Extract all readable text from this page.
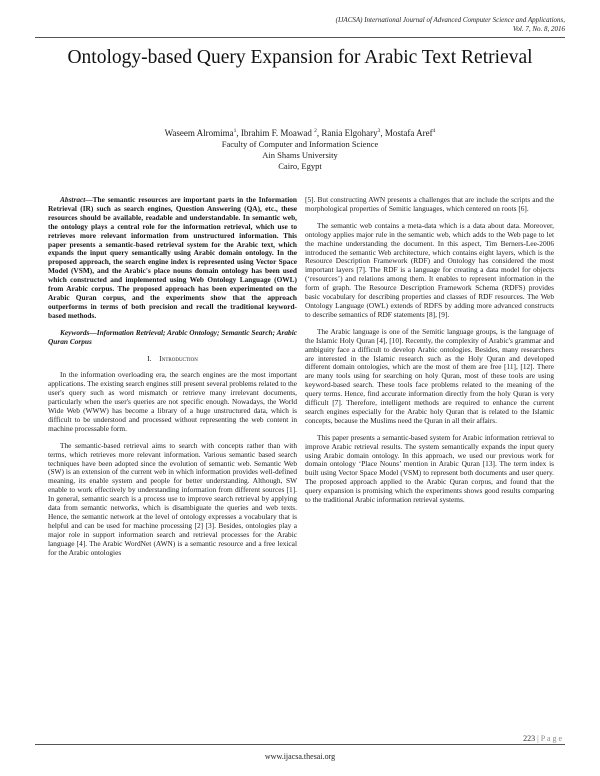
(IJACSA) International Journal of Advanced Computer Science and Applications,
Vol. 7, No. 8, 2016
Ontology-based Query Expansion for Arabic Text Retrieval
Waseem Alromima$^1$, Ibrahim F. Moawad $^2$, Rania Elgohary$^3$, Mostafa Aref$^4$
Faculty of Computer and Information Science
Ain Shams University
Cairo, Egypt

Abstract—The semantic resources are important parts in the Information Retrieval (IR) such as search engines, Question Answering (QA), etc., these resources should be available, readable and understandable. In semantic web, the ontology plays a central role for the information retrieval, which use to retrieves more relevant information from unstructured information. This paper presents a semantic-based retrieval system for the Arabic text, which expands the input query semantically using Arabic domain ontology. In the proposed approach, the search engine index is represented using Vector Space Model (VSM), and the Arabic's place nouns domain ontology has been used which constructed and implemented using Web Ontology Language (OWL) from Arabic corpus. The proposed approach has been experimented on the Arabic Quran corpus, and the experiments show that the approach outperforms in terms of both precision and recall the traditional keyword-based methods.

Keywords—Information Retrieval; Arabic Ontology; Semantic Search; Arabic Quran Corpus

I. Introduction

In the information overloading era, the search engines are the most important applications. The existing search engines still present several problems related to the user's query such as word mismatch or retrieve many irrelevant documents, particularly when the user's queries are not specific enough. Nowadays, the World Wide Web (WWW) has become a library of a huge unstructured data, which is difficult to be understood and processed without representing the web content in machine processable form.

The semantic-based retrieval aims to search with concepts rather than with terms, which retrieves more relevant information. Various semantic based search techniques have been adopted since the evolution of semantic web. Semantic Web (SW) is an extension of the current web in which information provides well-defined meaning, its enable system and people for better understanding. Although, SW enable to work effectively by understanding information from different sources [1]. In general, semantic search is a process use to improve search retrieval by applying data from semantic networks, which is disambiguate the queries and web texts. Hence, the semantic network at the level of ontology expresses a vocabulary that is helpful and can be used for machine processing [2] [3]. Besides, ontologies play a major role in support information search and retrieval processes for the Arabic language [4]. The Arabic WordNet (AWN) is a semantic resource and a free lexical for the Arabic ontologies

[5]. But constructing AWN presents a challenges that are include the scripts and the morphological properties of Semitic languages, which centered on roots [6].

The semantic web contains a meta-data which is a data about data. Moreover, ontology applies major rule in the semantic web, which adds to the Web page to let the machine understanding the document. In this aspect, Tim Berners-Lee-2006 introduced the semantic Web architecture, which contains eight layers, which is the Resource Description Framework (RDF) and Ontology has considered the most important layers [7]. The RDF is a language for creating a data model for objects (‘resources’) and relations among them. It enables to represent information in the form of graph. The Resource Description Framework Schema (RDFS) provides basic vocabulary for describing properties and classes of RDF resources. The Web Ontology Language (OWL) extends of RDFS by adding more advanced constructs to describe semantics of RDF statements [8], [9].

The Arabic language is one of the Semitic language groups, is the language of the Islamic Holy Quran [4], [10]. Recently, the complexity of Arabic's grammar and ambiguity face a difficult to develop Arabic ontologies. Besides, many researchers are interested in the Islamic research such as the Holy Quran and developed different domain ontologies, which are the most of them are free [11], [12]. There are many tools using for searching on holy Quran, most of these tools are using keyword-based search. These tools face problems related to the meaning of the query terms. Hence, find accurate information directly from the holy Quran is very difficult [7]. Therefore, intelligent methods are required to enhance the current search engines especially for the Arabic holy Quran that is related to the Islamic concepts, because the Muslims need the Quran in all their affairs.

This paper presents a semantic-based system for Arabic information retrieval to improve Arabic retrieval results. The system semantically expands the input query using Arabic domain ontology. In this approach, we used our previous work for domain ontology ‘Place Nouns’ mention in Arabic Quran [13]. The term index is built using Vector Space Model (VSM) to represent both documents and user query. The proposed approach applied to the Arabic Quran corpus, and found that the query expansion is promising which the experiments shows good results comparing to the traditional Arabic information retrieval systems.

223 | P a g e
www.ijacsa.thesai.org
